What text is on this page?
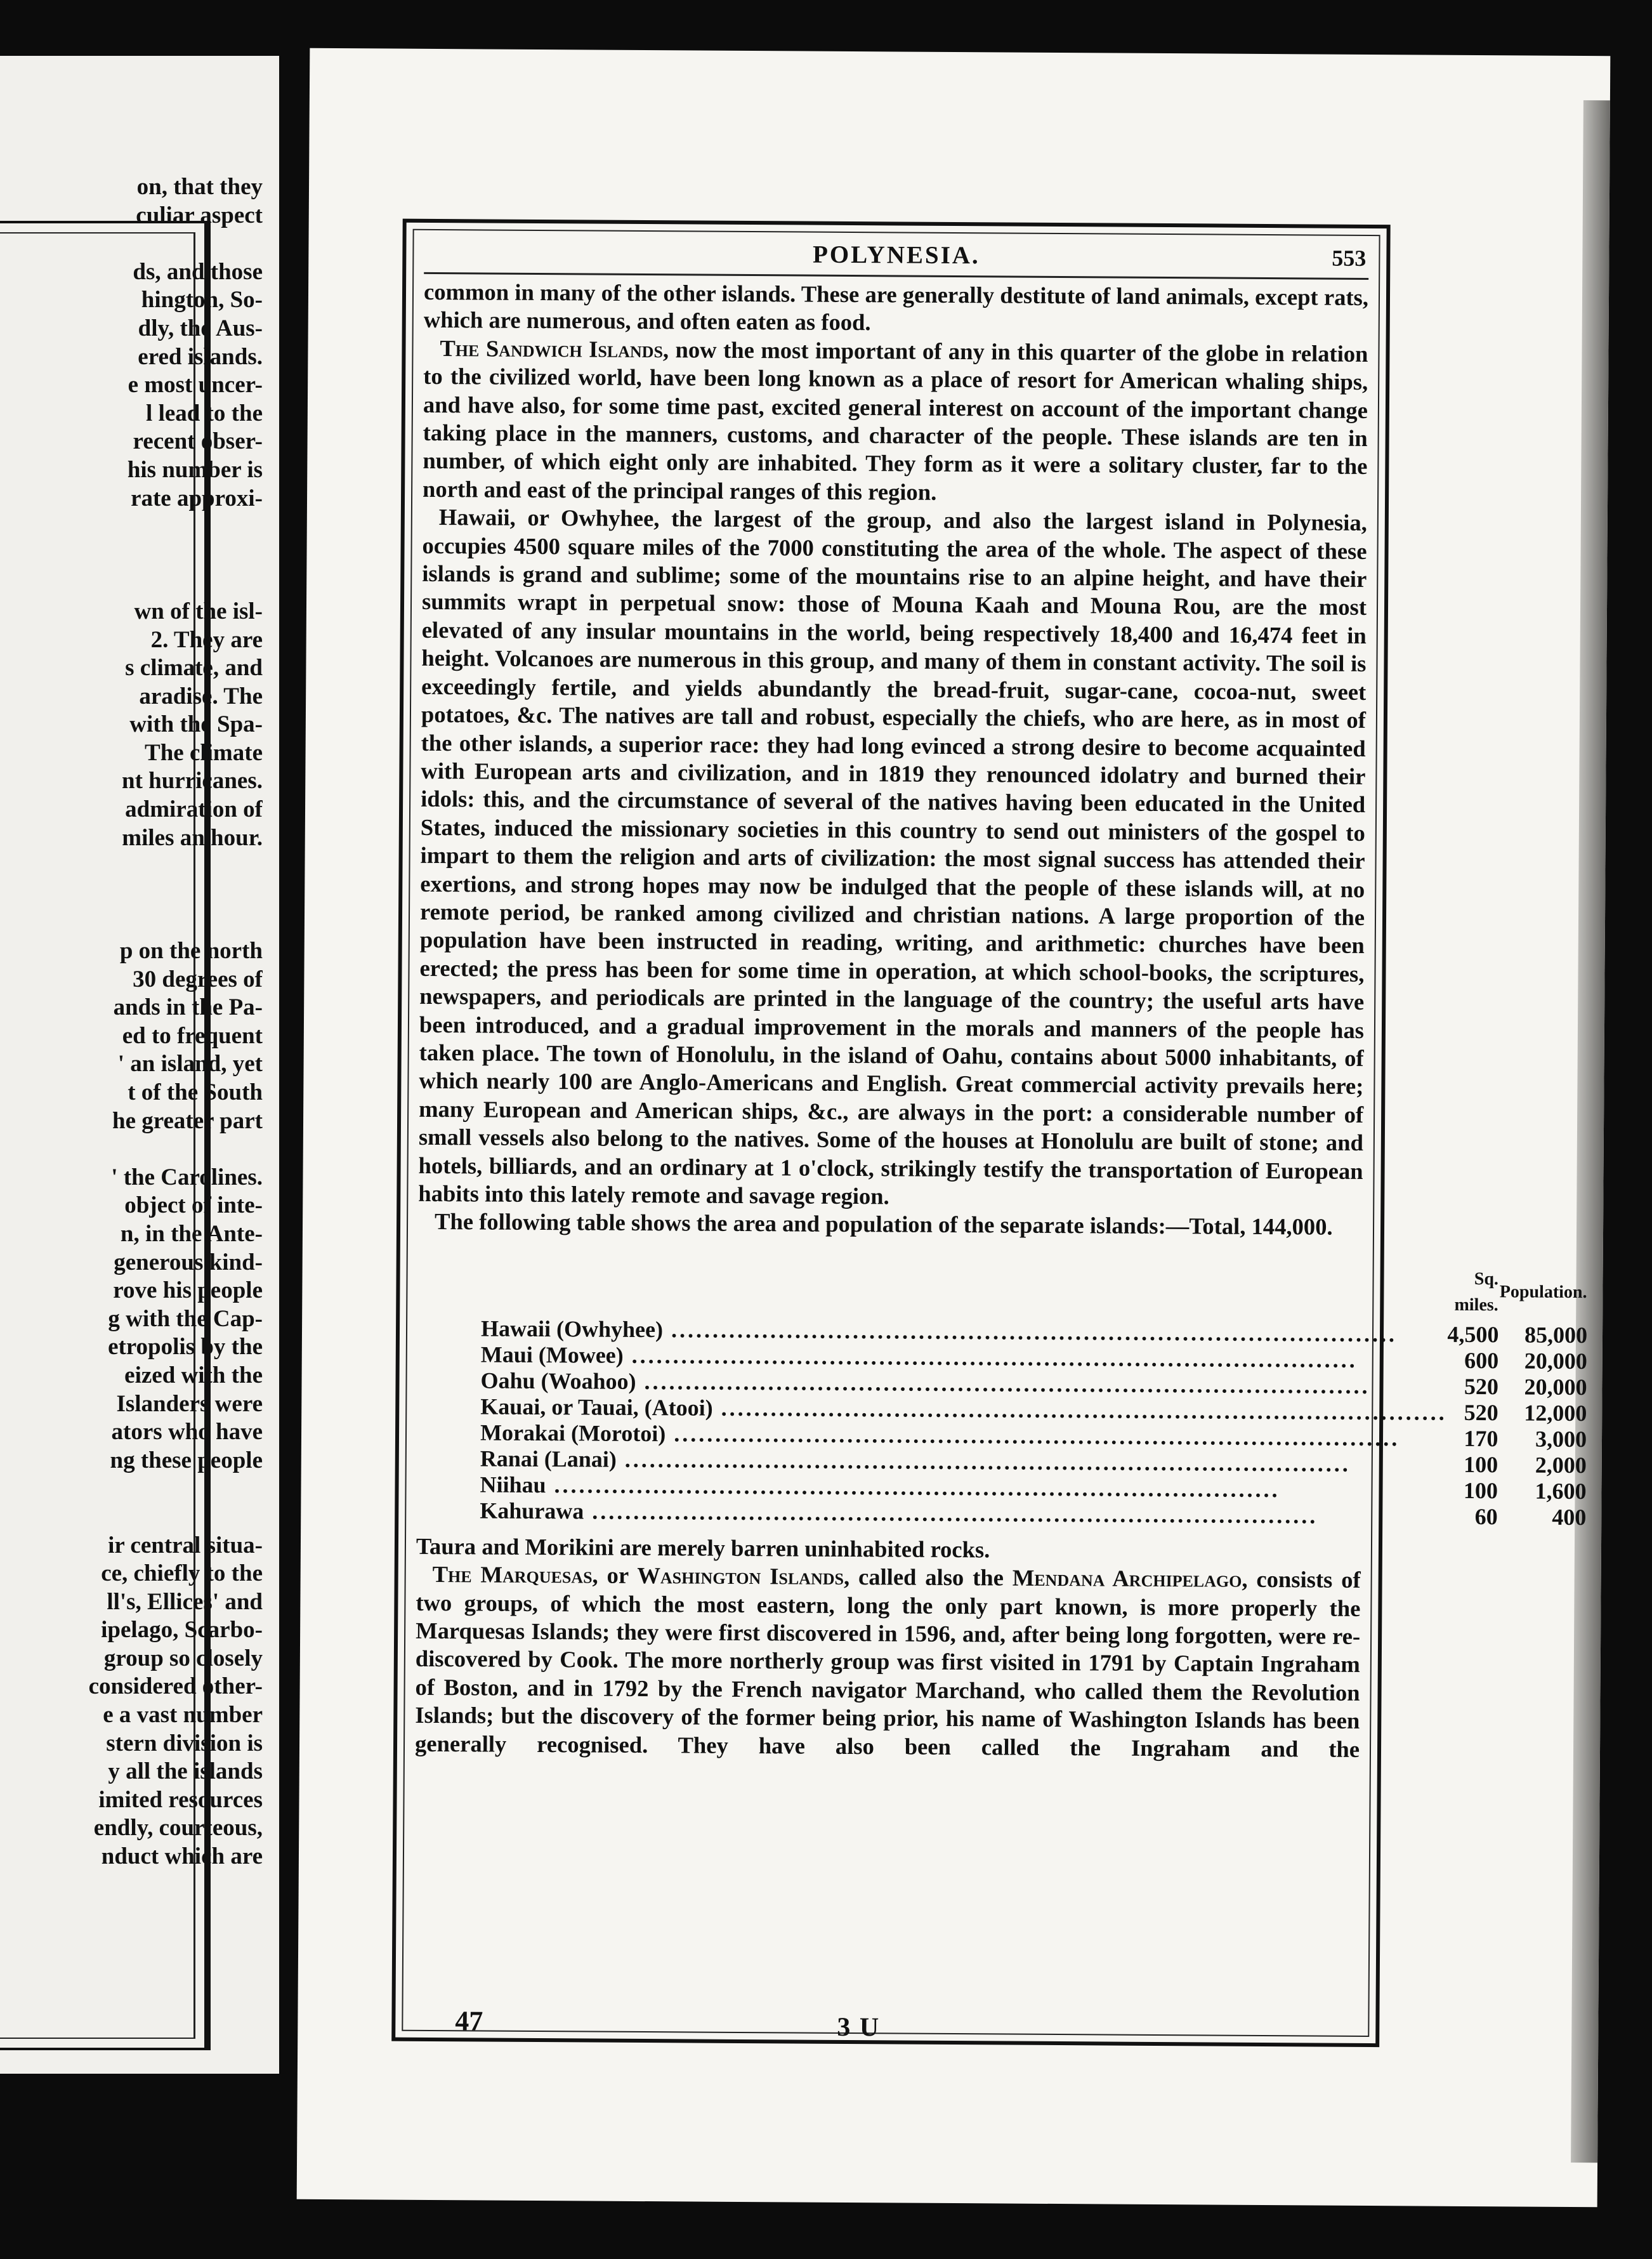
on, that they
culiar aspect
ds, and those
hington, So-
dly, the Aus-
ered islands.
e most uncer-
l lead to the
recent obser-
his number is
rate approxi-
wn of the isl-
2. They are
s climate, and
aradise. The
with the Spa-
The climate
nt hurricanes.
admiration of
miles an hour.
p on the north
30 degrees of
ands in the Pa-
ed to frequent
' an island, yet
t of the South
he greater part
' the Carolines.
object of inte-
n, in the Ante-
generous kind-
rove his people
g with the Cap-
etropolis by the
eized with the
Islanders were
ators who have
ng these people
ir central situa-
ce, chiefly to the
ll's, Ellices' and
ipelago, Scarbo-
group so closely
considered other-
e a vast number
stern division is
y all the islands
imited resources
endly, courteous,
nduct which are
POLYNESIA.	553

common in many of the other islands. These are generally destitute of land animals, except rats, which are numerous, and often eaten as food.

The Sandwich Islands, now the most important of any in this quarter of the globe in relation to the civilized world, have been long known as a place of resort for American whaling ships, and have also, for some time past, excited general interest on account of the important change taking place in the manners, customs, and character of the people. These islands are ten in number, of which eight only are inhabited. They form as it were a solitary cluster, far to the north and east of the principal ranges of this region.

Hawaii, or Owhyhee, the largest of the group, and also the largest island in Polynesia, occupies 4500 square miles of the 7000 constituting the area of the whole. The aspect of these islands is grand and sublime; some of the mountains rise to an alpine height, and have their summits wrapt in perpetual snow: those of Mouna Kaah and Mouna Rou, are the most elevated of any insular mountains in the world, being respectively 18,400 and 16,474 feet in height. Volcanoes are numerous in this group, and many of them in constant activity. The soil is exceedingly fertile, and yields abundantly the bread-fruit, sugar-cane, cocoa-nut, sweet potatoes, &c. The natives are tall and robust, especially the chiefs, who are here, as in most of the other islands, a superior race: they had long evinced a strong desire to become acquainted with European arts and civilization, and in 1819 they renounced idolatry and burned their idols: this, and the circumstance of several of the natives having been educated in the United States, induced the missionary societies in this country to send out ministers of the gospel to impart to them the religion and arts of civilization: the most signal success has attended their exertions, and strong hopes may now be indulged that the people of these islands will, at no remote period, be ranked among civilized and christian nations. A large proportion of the population have been instructed in reading, writing, and arithmetic: churches have been erected; the press has been for some time in operation, at which school-books, the scriptures, newspapers, and periodicals are printed in the language of the country; the useful arts have been introduced, and a gradual improvement in the morals and manners of the people has taken place. The town of Honolulu, in the island of Oahu, contains about 5000 inhabitants, of which nearly 100 are Anglo-Americans and English. Great commercial activity prevails here; many European and American ships, &c., are always in the port: a considerable number of small vessels also belong to the natives. Some of the houses at Honolulu are built of stone; and hotels, billiards, and an ordinary at 1 o'clock, strikingly testify the transportation of European habits into this lately remote and savage region.

The following table shows the area and population of the separate islands:—Total, 144,000.

	Sq. miles.	Population.
Hawaii (Owhyhee) .....	4,500	85,000
Maui (Mowee) .....	600	20,000
Oahu (Woahoo) .....	520	20,000
Kauai, or Tauai, (Atooi) .....	520	12,000
Morakai (Morotoi) .....	170	3,000
Ranai (Lanai) .....	100	2,000
Niihau .....	100	1,600
Kahurawa .....	60	400

Taura and Morikini are merely barren uninhabited rocks.

The Marquesas, or Washington Islands, called also the Mendana Archipelago, consists of two groups, of which the most eastern, long the only part known, is more properly the Marquesas Islands; they were first discovered in 1596, and, after being long forgotten, were re-discovered by Cook. The more northerly group was first visited in 1791 by Captain Ingraham of Boston, and in 1792 by the French navigator Marchand, who called them the Revolution Islands; but the discovery of the former being prior, his name of Washington Islands has been generally recognised. They have also been called the Ingraham and the

47	3 U
